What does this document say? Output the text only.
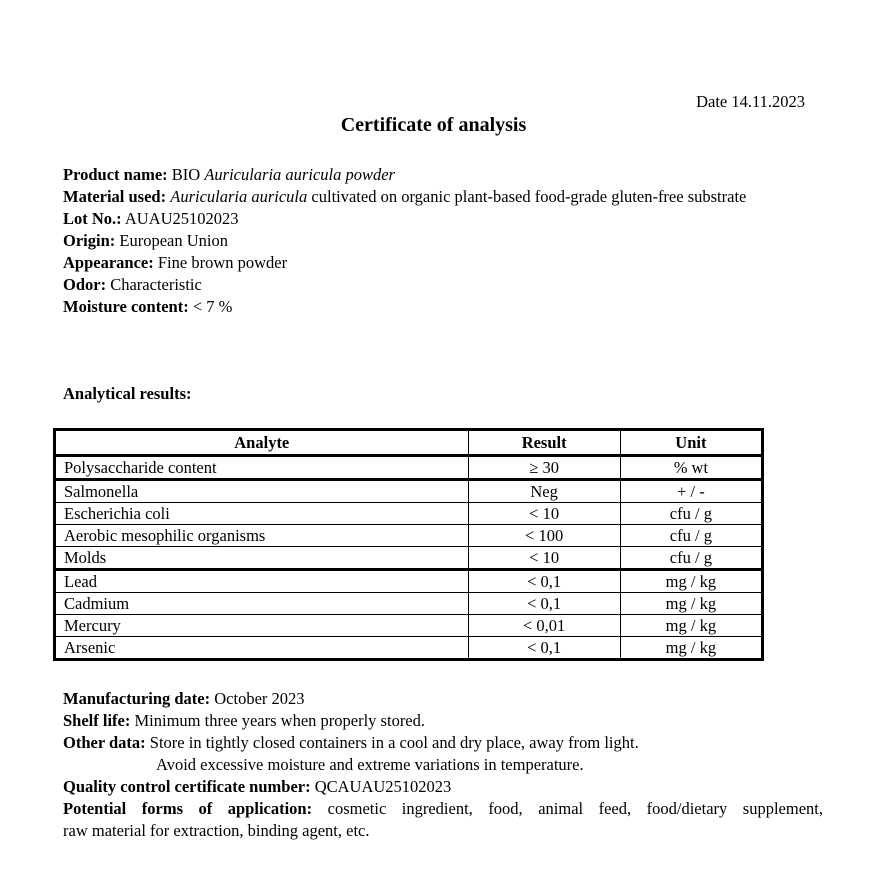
Date 14.11.2023
Certificate of analysis
Product name: BIO Auricularia auricula powder
Material used: Auricularia auricula cultivated on organic plant-based food-grade gluten-free substrate
Lot No.: AUAU25102023
Origin: European Union
Appearance: Fine brown powder
Odor: Characteristic
Moisture content: < 7 %
Analytical results:
Analyte	Result	Unit
Polysaccharide content	≥ 30	% wt
Salmonella	Neg	+ / -
Escherichia coli	< 10	cfu / g
Aerobic mesophilic organisms	< 100	cfu / g
Molds	< 10	cfu / g
Lead	< 0,1	mg / kg
Cadmium	< 0,1	mg / kg
Mercury	< 0,01	mg / kg
Arsenic	< 0,1	mg / kg
Manufacturing date: October 2023
Shelf life: Minimum three years when properly stored.
Other data: Store in tightly closed containers in a cool and dry place, away from light.
Avoid excessive moisture and extreme variations in temperature.
Quality control certificate number: QCAUAU25102023
Potential forms of application: cosmetic ingredient, food, animal feed, food/dietary supplement,
raw material for extraction, binding agent, etc.
